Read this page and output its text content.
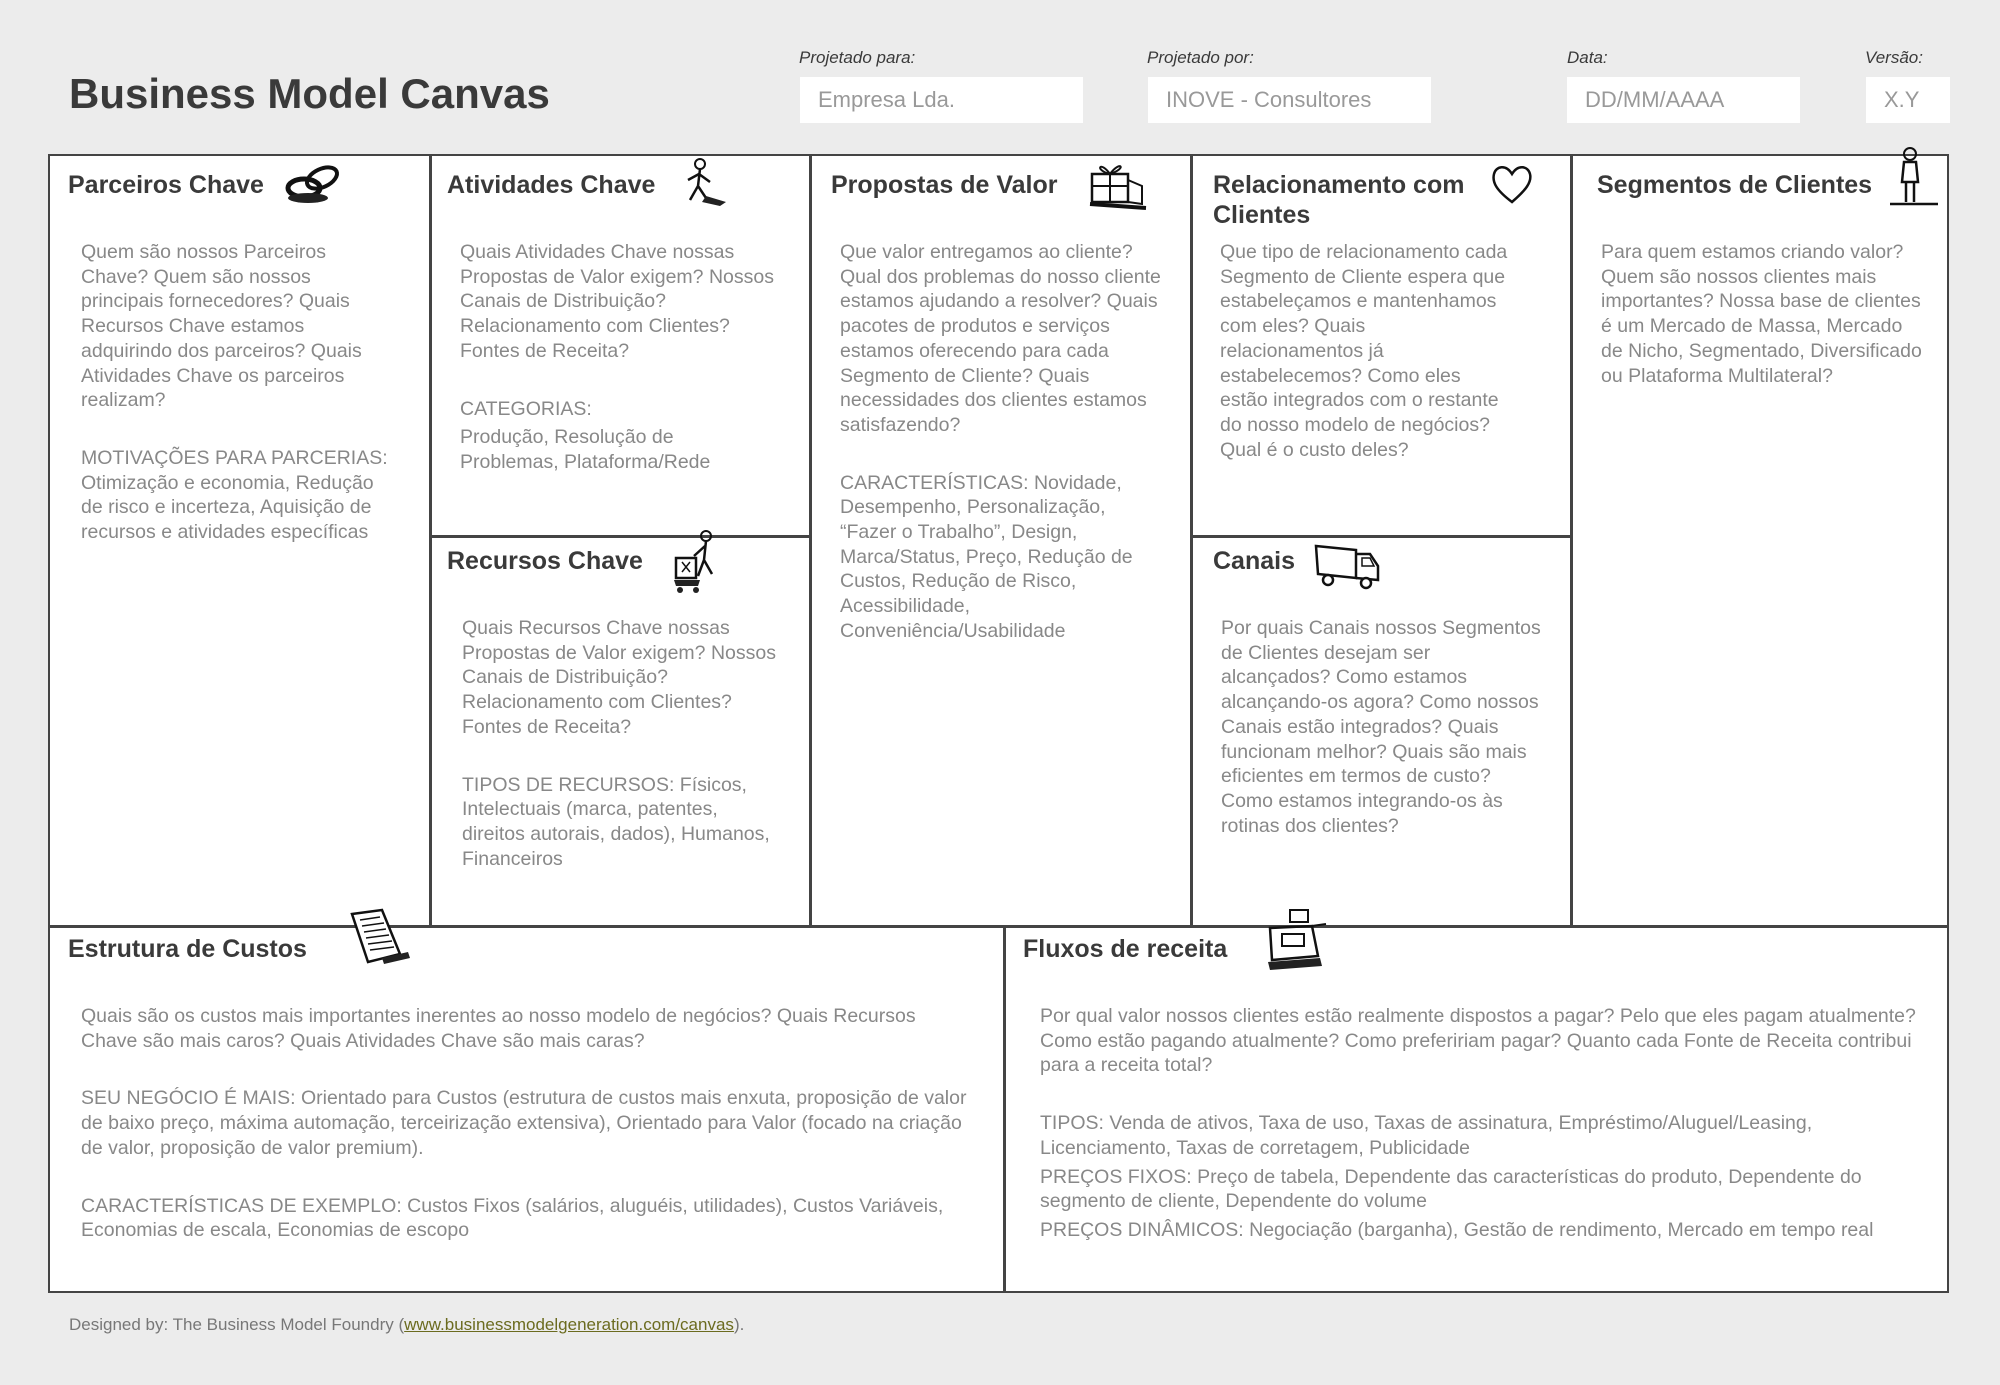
Business Model Canvas
Projetado para:
Empresa Lda.
Projetado por:
INOVE - Consultores
Data:
DD/MM/AAAA
Versão:
X.Y
Parceiros Chave

Quem são nossos Parceiros Chave? Quem são nossos principais fornecedores? Quais Recursos Chave estamos adquirindo dos parceiros? Quais Atividades Chave os parceiros realizam?

MOTIVAÇÕES PARA PARCERIAS: Otimização e economia, Redução de risco e incerteza, Aquisição de recursos e atividades específicas

Atividades Chave

Quais Atividades Chave nossas Propostas de Valor exigem? Nossos Canais de Distribuição? Relacionamento com Clientes? Fontes de Receita?

CATEGORIAS:

Produção, Resolução de Problemas, Plataforma/Rede

Recursos Chave

Quais Recursos Chave nossas Propostas de Valor exigem? Nossos Canais de Distribuição? Relacionamento com Clientes? Fontes de Receita?

TIPOS DE RECURSOS: Físicos, Intelectuais (marca, patentes, direitos autorais, dados), Humanos, Financeiros

Propostas de Valor

Que valor entregamos ao cliente? Qual dos problemas do nosso cliente estamos ajudando a resolver? Quais pacotes de produtos e serviços estamos oferecendo para cada Segmento de Cliente? Quais necessidades dos clientes estamos satisfazendo?

CARACTERÍSTICAS: Novidade, Desempenho, Personalização, “Fazer o Trabalho”, Design, Marca/Status, Preço, Redução de Custos, Redução de Risco, Acessibilidade, Conveniência/Usabilidade

Relacionamento com Clientes

Que tipo de relacionamento cada Segmento de Cliente espera que estabeleçamos e mantenhamos com eles? Quais relacionamentos já estabelecemos? Como eles estão integrados com o restante do nosso modelo de negócios? Qual é o custo deles?

Canais

Por quais Canais nossos Segmentos de Clientes desejam ser alcançados? Como estamos alcançando-os agora? Como nossos Canais estão integrados? Quais funcionam melhor? Quais são mais eficientes em termos de custo? Como estamos integrando-os às rotinas dos clientes?

Segmentos de Clientes

Para quem estamos criando valor? Quem são nossos clientes mais importantes? Nossa base de clientes é um Mercado de Massa, Mercado de Nicho, Segmentado, Diversificado ou Plataforma Multilateral?

Estrutura de Custos

Quais são os custos mais importantes inerentes ao nosso modelo de negócios? Quais Recursos Chave são mais caros? Quais Atividades Chave são mais caras?

SEU NEGÓCIO É MAIS: Orientado para Custos (estrutura de custos mais enxuta, proposição de valor de baixo preço, máxima automação, terceirização extensiva), Orientado para Valor (focado na criação de valor, proposição de valor premium).

CARACTERÍSTICAS DE EXEMPLO: Custos Fixos (salários, aluguéis, utilidades), Custos Variáveis, Economias de escala, Economias de escopo

Fluxos de receita

Por qual valor nossos clientes estão realmente dispostos a pagar? Pelo que eles pagam atualmente? Como estão pagando atualmente? Como prefeririam pagar? Quanto cada Fonte de Receita contribui para a receita total?

TIPOS: Venda de ativos, Taxa de uso, Taxas de assinatura, Empréstimo/Aluguel/Leasing, Licenciamento, Taxas de corretagem, Publicidade

PREÇOS FIXOS: Preço de tabela, Dependente das características do produto, Dependente do segmento de cliente, Dependente do volume

PREÇOS DINÂMICOS: Negociação (barganha), Gestão de rendimento, Mercado em tempo real

Designed by: The Business Model Foundry (www.businessmodelgeneration.com/canvas).
